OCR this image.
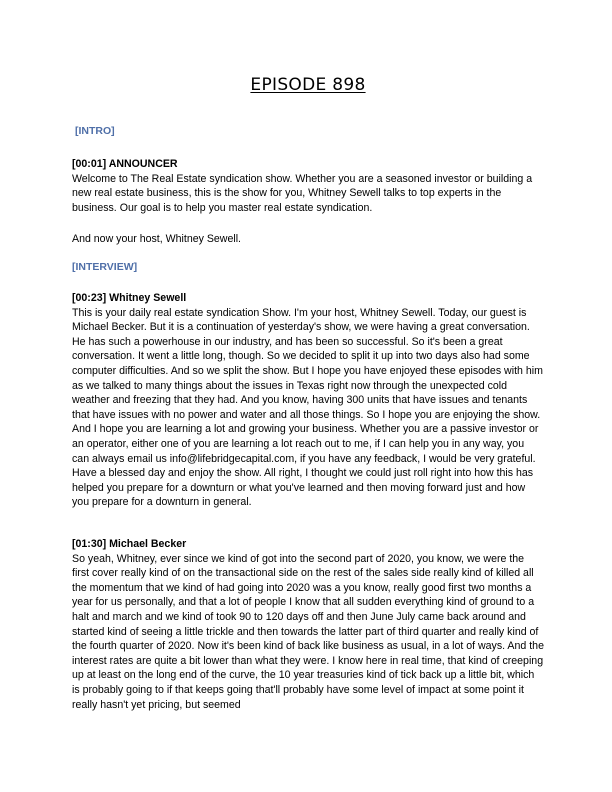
EPISODE 898
[INTRO]
[00:01] ANNOUNCER
Welcome to The Real Estate syndication show. Whether you are a seasoned investor or building a new real estate business, this is the show for you, Whitney Sewell talks to top experts in the business. Our goal is to help you master real estate syndication.
And now your host, Whitney Sewell.
[INTERVIEW]
[00:23] Whitney Sewell
This is your daily real estate syndication Show. I'm your host, Whitney Sewell. Today, our guest is Michael Becker. But it is a continuation of yesterday's show, we were having a great conversation. He has such a powerhouse in our industry, and has been so successful. So it's been a great conversation. It went a little long, though. So we decided to split it up into two days also had some computer difficulties. And so we split the show. But I hope you have enjoyed these episodes with him as we talked to many things about the issues in Texas right now through the unexpected cold weather and freezing that they had. And you know, having 300 units that have issues and tenants that have issues with no power and water and all those things. So I hope you are enjoying the show. And I hope you are learning a lot and growing your business. Whether you are a passive investor or an operator, either one of you are learning a lot reach out to me, if I can help you in any way, you can always email us info@lifebridgecapital.com, if you have any feedback, I would be very grateful. Have a blessed day and enjoy the show. All right, I thought we could just roll right into how this has helped you prepare for a downturn or what you've learned and then moving forward just and how you prepare for a downturn in general.
[01:30] Michael Becker
So yeah, Whitney, ever since we kind of got into the second part of 2020, you know, we were the first cover really kind of on the transactional side on the rest of the sales side really kind of killed all the momentum that we kind of had going into 2020 was a you know, really good first two months a year for us personally, and that a lot of people I know that all sudden everything kind of ground to a halt and march and we kind of took 90 to 120 days off and then June July came back around and started kind of seeing a little trickle and then towards the latter part of third quarter and really kind of the fourth quarter of 2020. Now it's been kind of back like business as usual, in a lot of ways. And the interest rates are quite a bit lower than what they were. I know here in real time, that kind of creeping up at least on the long end of the curve, the 10 year treasuries kind of tick back up a little bit, which is probably going to if that keeps going that'll probably have some level of impact at some point it really hasn't yet pricing, but seemed
